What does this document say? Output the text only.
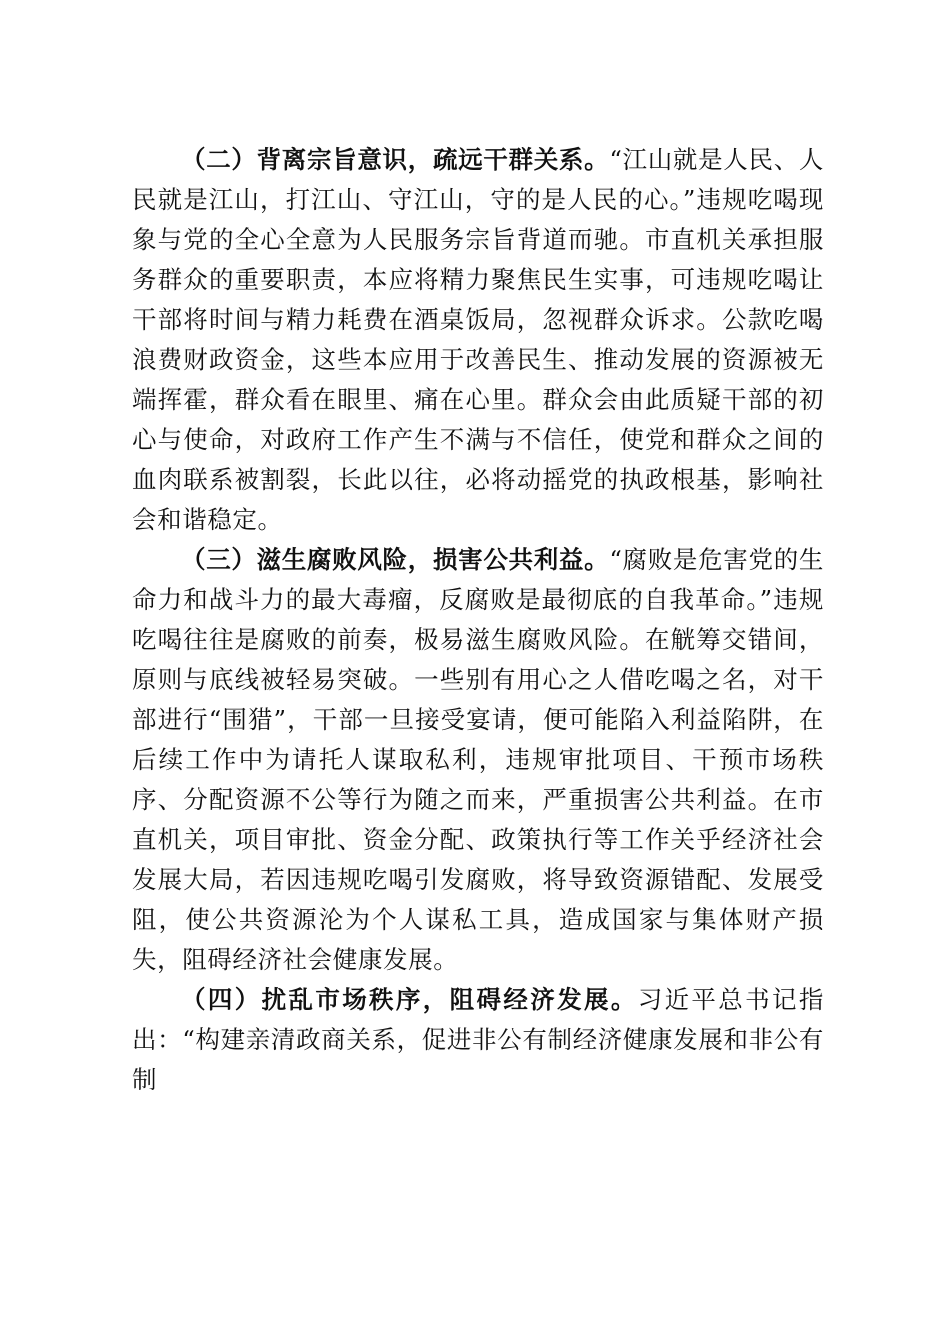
（二）背离宗旨意识，疏远干群关系。“江山就是人民、人民就是江山，打江山、守江山，守的是人民的心。”违规吃喝现象与党的全心全意为人民服务宗旨背道而驰。市直机关承担服务群众的重要职责，本应将精力聚焦民生实事，可违规吃喝让干部将时间与精力耗费在酒桌饭局，忽视群众诉求。公款吃喝浪费财政资金，这些本应用于改善民生、推动发展的资源被无端挥霍，群众看在眼里、痛在心里。群众会由此质疑干部的初心与使命，对政府工作产生不满与不信任，使党和群众之间的血肉联系被割裂，长此以往，必将动摇党的执政根基，影响社会和谐稳定。

（三）滋生腐败风险，损害公共利益。“腐败是危害党的生命力和战斗力的最大毒瘤，反腐败是最彻底的自我革命。”违规吃喝往往是腐败的前奏，极易滋生腐败风险。在觥筹交错间，原则与底线被轻易突破。一些别有用心之人借吃喝之名，对干部进行“围猎”，干部一旦接受宴请，便可能陷入利益陷阱，在后续工作中为请托人谋取私利，违规审批项目、干预市场秩序、分配资源不公等行为随之而来，严重损害公共利益。在市直机关，项目审批、资金分配、政策执行等工作关乎经济社会发展大局，若因违规吃喝引发腐败，将导致资源错配、发展受阻，使公共资源沦为个人谋私工具，造成国家与集体财产损失，阻碍经济社会健康发展。

（四）扰乱市场秩序，阻碍经济发展。习近平总书记指出：“构建亲清政商关系，促进非公有制经济健康发展和非公有制
